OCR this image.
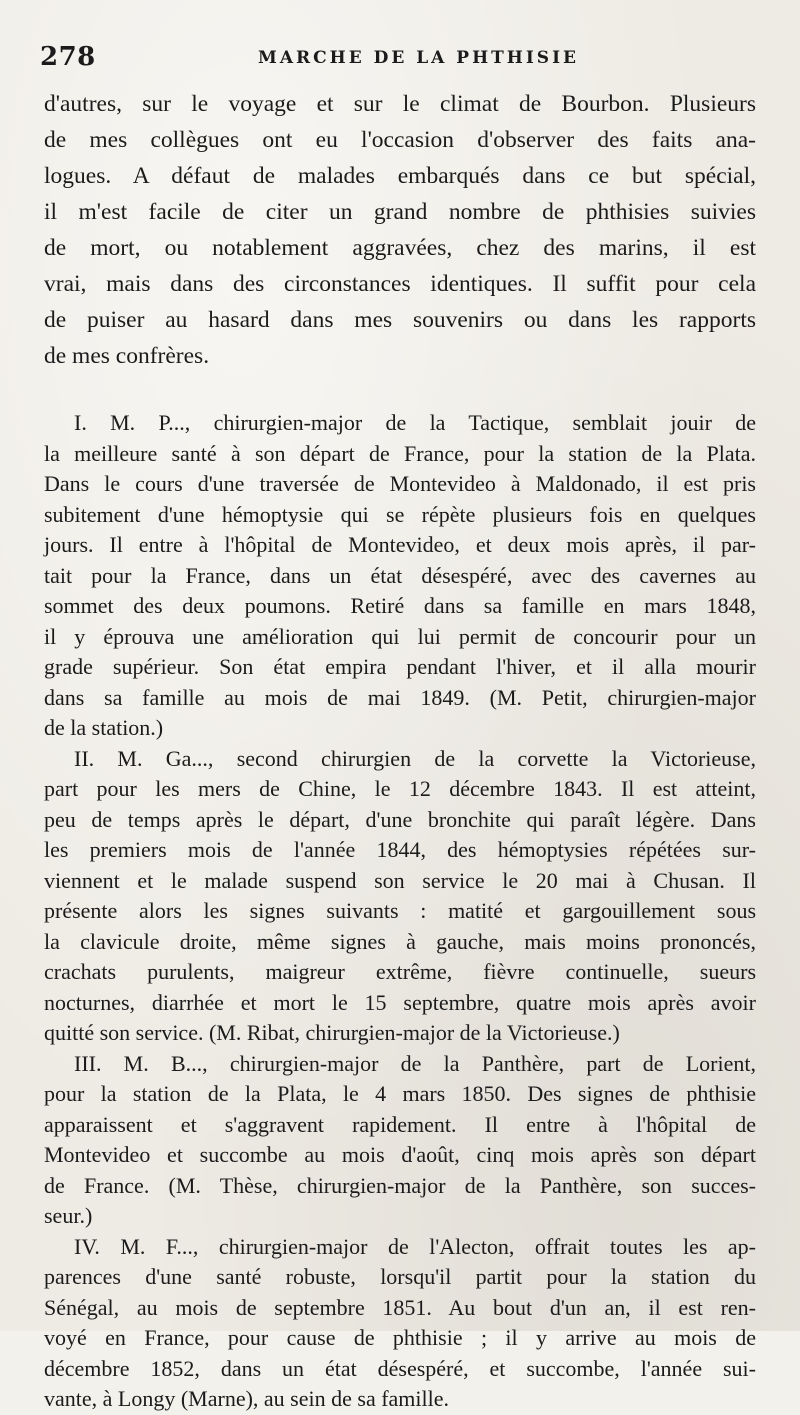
278	MARCHE DE LA PHTHISIE
d'autres, sur le voyage et sur le climat de Bourbon. Plusieurs
de mes collègues ont eu l'occasion d'observer des faits ana-
logues. A défaut de malades embarqués dans ce but spécial,
il m'est facile de citer un grand nombre de phthisies suivies
de mort, ou notablement aggravées, chez des marins, il est
vrai, mais dans des circonstances identiques. Il suffit pour cela
de puiser au hasard dans mes souvenirs ou dans les rapports
de mes confrères.
I. M. P..., chirurgien-major de la Tactique, semblait jouir de
la meilleure santé à son départ de France, pour la station de la Plata.
Dans le cours d'une traversée de Montevideo à Maldonado, il est pris
subitement d'une hémoptysie qui se répète plusieurs fois en quelques
jours. Il entre à l'hôpital de Montevideo, et deux mois après, il par-
tait pour la France, dans un état désespéré, avec des cavernes au
sommet des deux poumons. Retiré dans sa famille en mars 1848,
il y éprouva une amélioration qui lui permit de concourir pour un
grade supérieur. Son état empira pendant l'hiver, et il alla mourir
dans sa famille au mois de mai 1849. (M. Petit, chirurgien-major
de la station.)
II. M. Ga..., second chirurgien de la corvette la Victorieuse,
part pour les mers de Chine, le 12 décembre 1843. Il est atteint,
peu de temps après le départ, d'une bronchite qui paraît légère. Dans
les premiers mois de l'année 1844, des hémoptysies répétées sur-
viennent et le malade suspend son service le 20 mai à Chusan. Il
présente alors les signes suivants : matité et gargouillement sous
la clavicule droite, même signes à gauche, mais moins prononcés,
crachats purulents, maigreur extrême, fièvre continuelle, sueurs
nocturnes, diarrhée et mort le 15 septembre, quatre mois après avoir
quitté son service. (M. Ribat, chirurgien-major de la Victorieuse.)
III. M. B..., chirurgien-major de la Panthère, part de Lorient,
pour la station de la Plata, le 4 mars 1850. Des signes de phthisie
apparaissent et s'aggravent rapidement. Il entre à l'hôpital de
Montevideo et succombe au mois d'août, cinq mois après son départ
de France. (M. Thèse, chirurgien-major de la Panthère, son succes-
seur.)
IV. M. F..., chirurgien-major de l'Alecton, offrait toutes les ap-
parences d'une santé robuste, lorsqu'il partit pour la station du
Sénégal, au mois de septembre 1851. Au bout d'un an, il est ren-
voyé en France, pour cause de phthisie ; il y arrive au mois de
décembre 1852, dans un état désespéré, et succombe, l'année sui-
vante, à Longy (Marne), au sein de sa famille.
